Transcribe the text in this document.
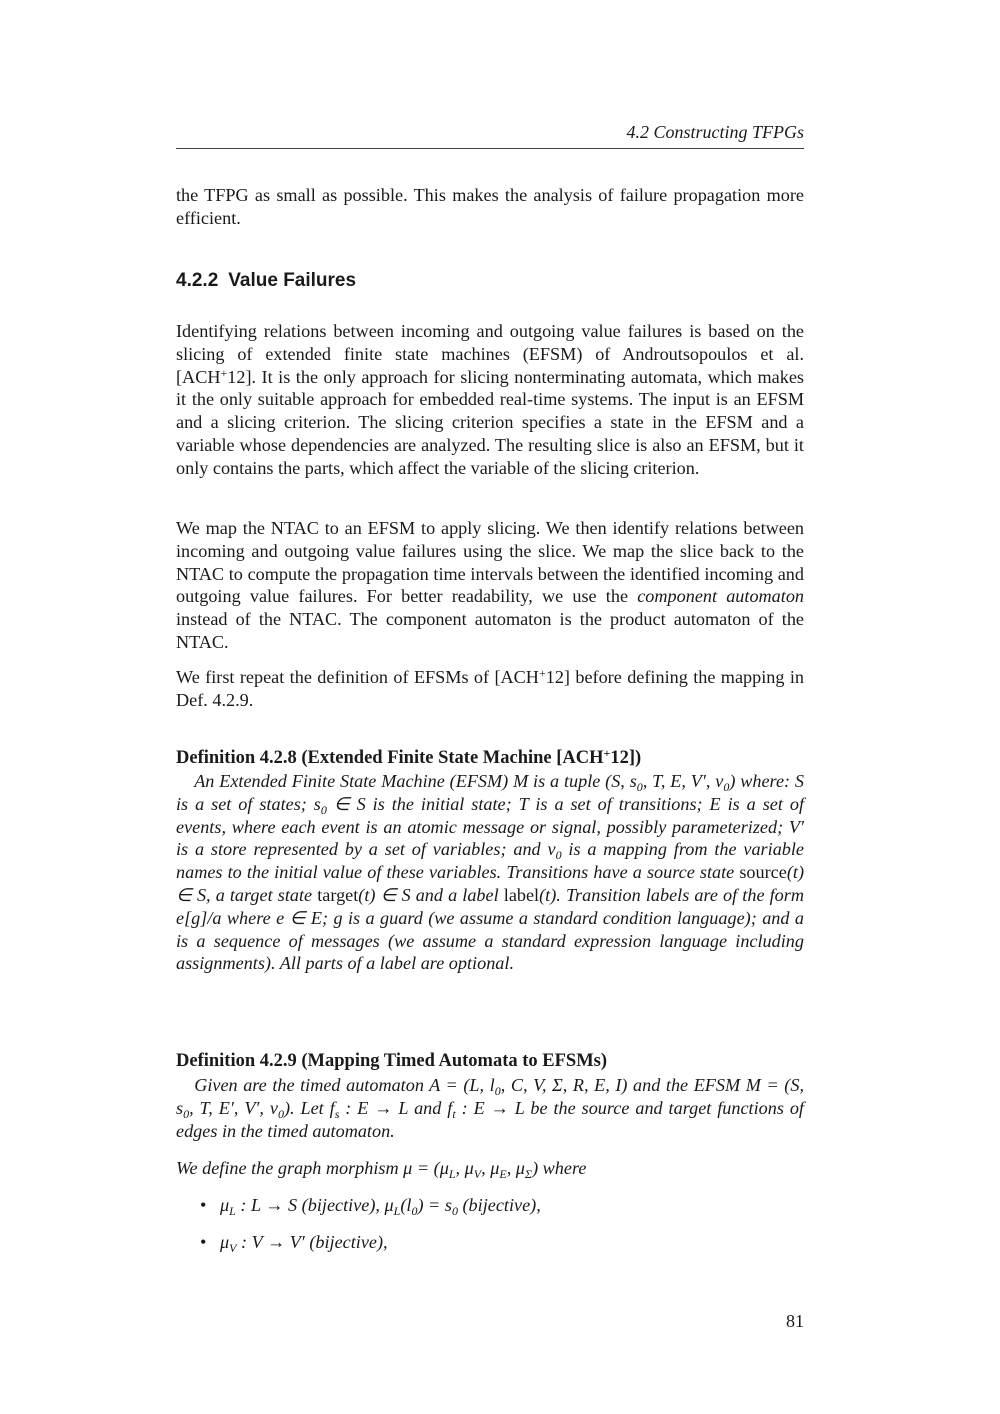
4.2 Constructing TFPGs

the TFPG as small as possible. This makes the analysis of failure propagation more efficient.

4.2.2 Value Failures

Identifying relations between incoming and outgoing value failures is based on the slicing of extended finite state machines (EFSM) of Androutsopoulos et al. [ACH+12]. It is the only approach for slicing nonterminating automata, which makes it the only suitable approach for embedded real-time systems. The input is an EFSM and a slicing criterion. The slicing criterion specifies a state in the EFSM and a variable whose dependencies are analyzed. The resulting slice is also an EFSM, but it only contains the parts, which affect the variable of the slicing criterion.

We map the NTAC to an EFSM to apply slicing. We then identify relations between incoming and outgoing value failures using the slice. We map the slice back to the NTAC to compute the propagation time intervals between the identified incoming and outgoing value failures. For better readability, we use the component automaton instead of the NTAC. The component automaton is the product automaton of the NTAC.

We first repeat the definition of EFSMs of [ACH+12] before defining the mapping in Def. 4.2.9.

Definition 4.2.8 (Extended Finite State Machine [ACH+12])

 An Extended Finite State Machine (EFSM) M is a tuple (S, $s_0$, T, E, V′, $v_0$) where: S is a set of states; $s_0$ ∈ S is the initial state; T is a set of transitions; E is a set of events, where each event is an atomic message or signal, possibly parameterized; V′ is a store represented by a set of variables; and $v_0$ is a mapping from the variable names to the initial value of these variables. Transitions have a source state source(t) ∈ S, a target state target(t) ∈ S and a label label(t). Transition labels are of the form e[g]/a where e ∈ E; g is a guard (we assume a standard condition language); and a is a sequence of messages (we assume a standard expression language including assignments). All parts of a label are optional.

Definition 4.2.9 (Mapping Timed Automata to EFSMs)

 Given are the timed automaton A = (L, $l_0$, C, V, Σ, R, E, I) and the EFSM M = (S, $s_0$, T, E′, V′, $v_0$). Let $f_s$ : E → L and $f_t$ : E → L be the source and target functions of edges in the timed automaton.

We define the graph morphism $\mu = (\mu_L$, $\mu_V$, $\mu_E$, $\mu_\Sigma$) where

• $\mu_L$ : L → S (bijective), $\mu_L(l_0) = s_0$ (bijective),
• $\mu_V$ : V → V′ (bijective),
81
